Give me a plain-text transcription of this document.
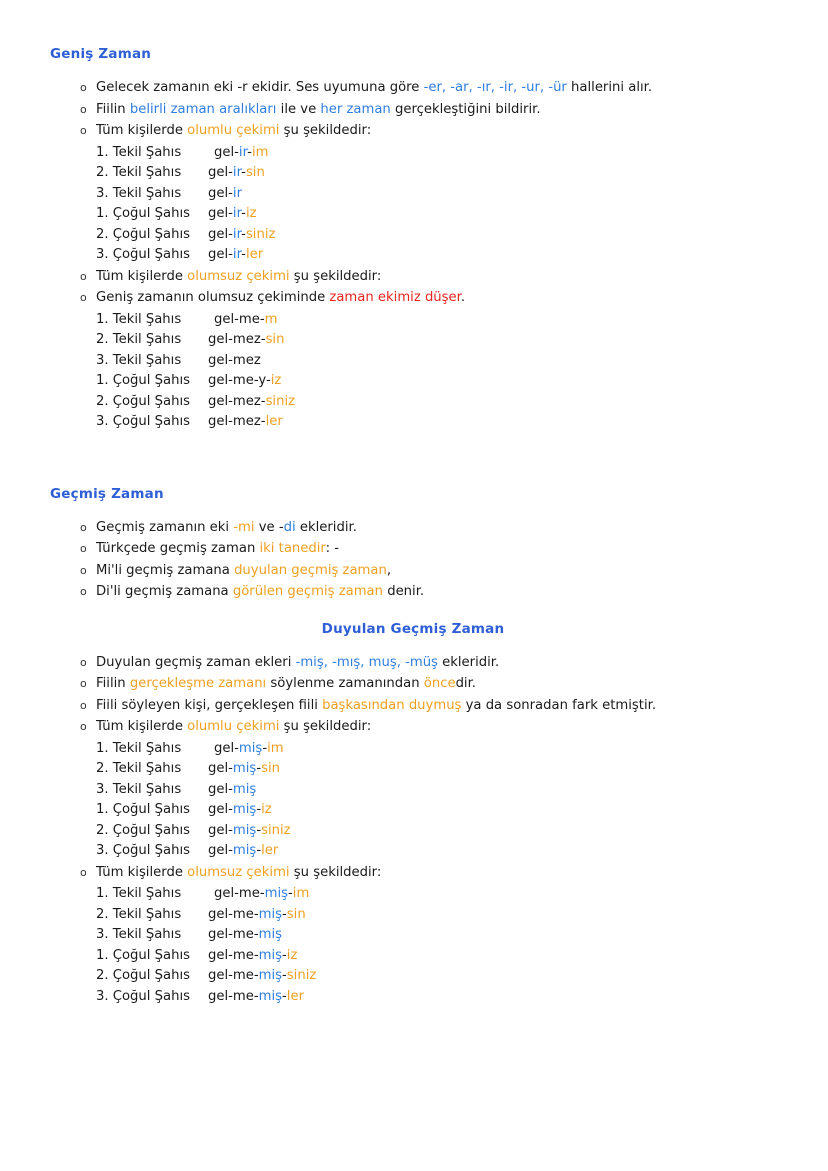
Geniş Zaman
o Gelecek zamanın eki -r ekidir. Ses uyumuna göre -er, -ar, -ır, -ir, -ur, -ür hallerini alır.
o Fiilin belirli zaman aralıkları ile ve her zaman gerçekleştiğini bildirir.
o Tüm kişilerde olumlu çekimi şu şekildedir:
1. Tekil Şahıs	gel-ir-im
2. Tekil Şahıs	gel-ir-sin
3. Tekil Şahıs	gel-ir
1. Çoğul Şahıs	gel-ir-iz
2. Çoğul Şahıs	gel-ir-siniz
3. Çoğul Şahıs	gel-ir-ler
o Tüm kişilerde olumsuz çekimi şu şekildedir:
o Geniş zamanın olumsuz çekiminde zaman ekimiz düşer.
1. Tekil Şahıs	gel-me-m
2. Tekil Şahıs	gel-mez-sin
3. Tekil Şahıs	gel-mez
1. Çoğul Şahıs	gel-me-y-iz
2. Çoğul Şahıs	gel-mez-siniz
3. Çoğul Şahıs	gel-mez-ler
Geçmiş Zaman
o Geçmiş zamanın eki -mi ve -di ekleridir.
o Türkçede geçmiş zaman iki tanedir: -
o Mi'li geçmiş zamana duyulan geçmiş zaman,
o Di'li geçmiş zamana görülen geçmiş zaman denir.
Duyulan Geçmiş Zaman
o Duyulan geçmiş zaman ekleri -miş, -mış, muş, -müş ekleridir.
o Fiilin gerçekleşme zamanı söylenme zamanından öncedir.
o Fiili söyleyen kişi, gerçekleşen fiili başkasından duymuş ya da sonradan fark etmiştir.
o Tüm kişilerde olumlu çekimi şu şekildedir:
1. Tekil Şahıs	gel-miş-im
2. Tekil Şahıs	gel-miş-sin
3. Tekil Şahıs	gel-miş
1. Çoğul Şahıs	gel-miş-iz
2. Çoğul Şahıs	gel-miş-siniz
3. Çoğul Şahıs	gel-miş-ler
o Tüm kişilerde olumsuz çekimi şu şekildedir:
1. Tekil Şahıs	gel-me-miş-im
2. Tekil Şahıs	gel-me-miş-sin
3. Tekil Şahıs	gel-me-miş
1. Çoğul Şahıs	gel-me-miş-iz
2. Çoğul Şahıs	gel-me-miş-siniz
3. Çoğul Şahıs	gel-me-miş-ler
